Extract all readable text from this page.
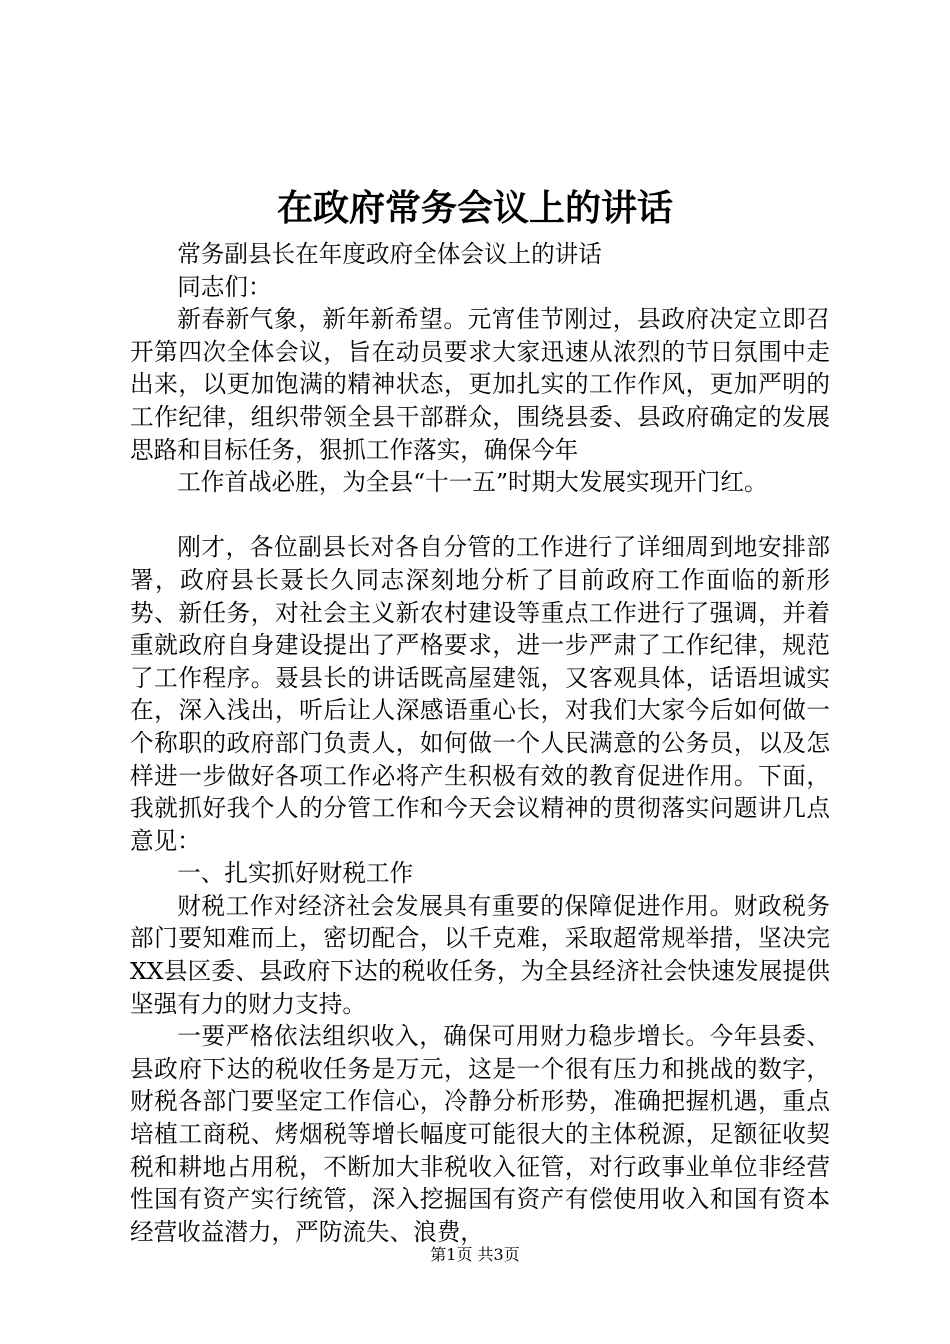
在政府常务会议上的讲话

常务副县长在年度政府全体会议上的讲话

同志们：

新春新气象，新年新希望。元宵佳节刚过，县政府决定立即召开第四次全体会议，旨在动员要求大家迅速从浓烈的节日氛围中走出来，以更加饱满的精神状态，更加扎实的工作作风，更加严明的工作纪律，组织带领全县干部群众，围绕县委、县政府确定的发展思路和目标任务，狠抓工作落实，确保今年

工作首战必胜，为全县“十一五”时期大发展实现开门红。

刚才，各位副县长对各自分管的工作进行了详细周到地安排部署，政府县长聂长久同志深刻地分析了目前政府工作面临的新形势、新任务，对社会主义新农村建设等重点工作进行了强调，并着重就政府自身建设提出了严格要求，进一步严肃了工作纪律，规范了工作程序。聂县长的讲话既高屋建瓴，又客观具体，话语坦诚实在，深入浅出，听后让人深感语重心长，对我们大家今后如何做一个称职的政府部门负责人，如何做一个人民满意的公务员，以及怎样进一步做好各项工作必将产生积极有效的教育促进作用。下面，我就抓好我个人的分管工作和今天会议精神的贯彻落实问题讲几点意见：

一、扎实抓好财税工作

财税工作对经济社会发展具有重要的保障促进作用。财政税务部门要知难而上，密切配合，以千克难，采取超常规举措，坚决完XX县区委、县政府下达的税收任务，为全县经济社会快速发展提供坚强有力的财力支持。

一要严格依法组织收入，确保可用财力稳步增长。今年县委、县政府下达的税收任务是万元，这是一个很有压力和挑战的数字，财税各部门要坚定工作信心，冷静分析形势，准确把握机遇，重点培植工商税、烤烟税等增长幅度可能很大的主体税源，足额征收契税和耕地占用税，不断加大非税收入征管，对行政事业单位非经营性国有资产实行统管，深入挖掘国有资产有偿使用收入和国有资本经营收益潜力，严防流失、浪费，

第1页 共3页
